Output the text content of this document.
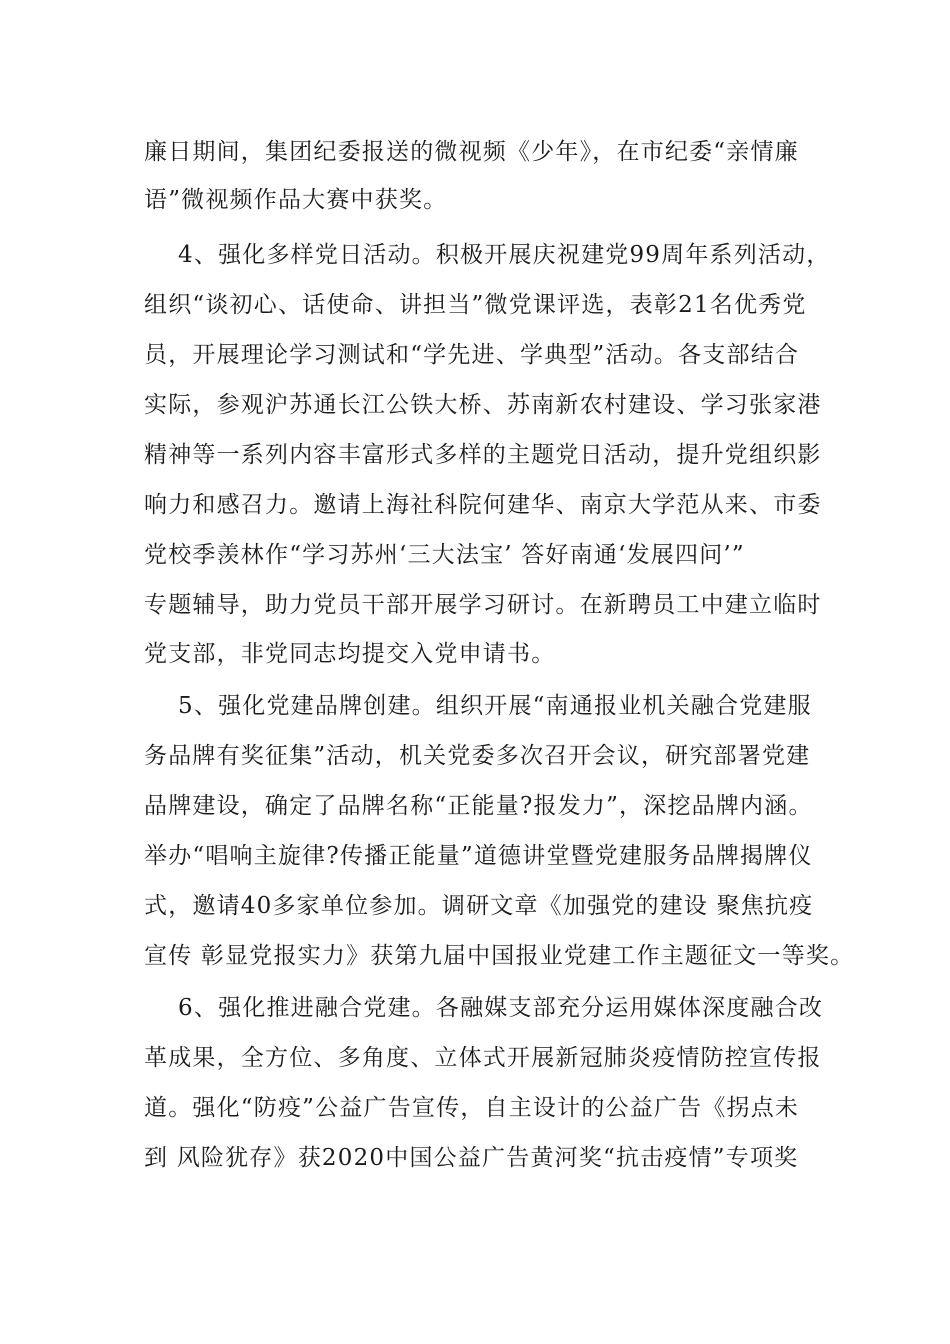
廉日期间，集团纪委报送的微视频《少年》，在市纪委“亲情廉
语”微视频作品大赛中获奖。
4、强化多样党日活动。积极开展庆祝建党99周年系列活动，
组织“谈初心、话使命、讲担当”微党课评选，表彰21名优秀党
员，开展理论学习测试和“学先进、学典型”活动。各支部结合
实际，参观沪苏通长江公铁大桥、苏南新农村建设、学习张家港
精神等一系列内容丰富形式多样的主题党日活动，提升党组织影
响力和感召力。邀请上海社科院何建华、南京大学范从来、市委
党校季羡林作“学习苏州‘三大法宝’ 答好南通‘发展四问’”
专题辅导，助力党员干部开展学习研讨。在新聘员工中建立临时
党支部，非党同志均提交入党申请书。
5、强化党建品牌创建。组织开展“南通报业机关融合党建服
务品牌有奖征集”活动，机关党委多次召开会议，研究部署党建
品牌建设，确定了品牌名称“正能量?报发力”，深挖品牌内涵。
举办“唱响主旋律?传播正能量”道德讲堂暨党建服务品牌揭牌仪
式，邀请40多家单位参加。调研文章《加强党的建设 聚焦抗疫
宣传 彰显党报实力》获第九届中国报业党建工作主题征文一等奖。
6、强化推进融合党建。各融媒支部充分运用媒体深度融合改
革成果，全方位、多角度、立体式开展新冠肺炎疫情防控宣传报
道。强化“防疫”公益广告宣传，自主设计的公益广告《拐点未
到 风险犹存》获2020中国公益广告黄河奖“抗击疫情”专项奖
